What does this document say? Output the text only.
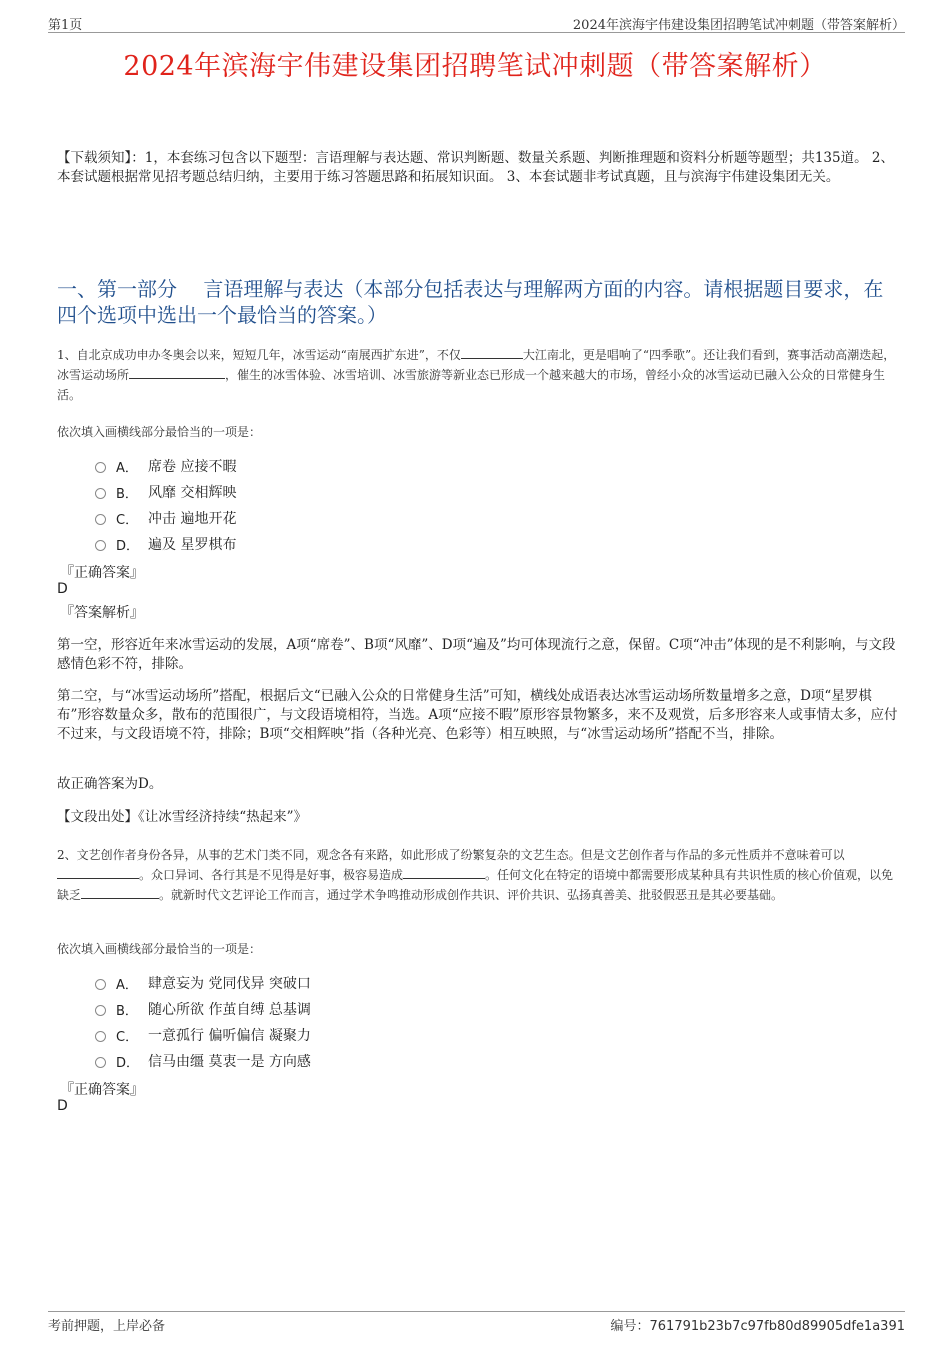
第1页	2024年滨海宇伟建设集团招聘笔试冲刺题（带答案解析）
2024年滨海宇伟建设集团招聘笔试冲刺题（带答案解析）
【下载须知】：1，本套练习包含以下题型：言语理解与表达题、常识判断题、数量关系题、判断推理题和资料分析题等题型；共135道。 2、本套试题根据常见招考题总结归纳，主要用于练习答题思路和拓展知识面。 3、本套试题非考试真题，且与滨海宇伟建设集团无关。
一、第一部分　 言语理解与表达（本部分包括表达与理解两方面的内容。请根据题目要求，在四个选项中选出一个最恰当的答案。）
1、自北京成功申办冬奥会以来，短短几年，冰雪运动“南展西扩东进”，不仅	大江南北，更是唱响了“四季歌”。还让我们看到，赛事活动高潮迭起，冰雪运动场所	，催生的冰雪体验、冰雪培训、冰雪旅游等新业态已形成一个越来越大的市场，曾经小众的冰雪运动已融入公众的日常健身生活。
依次填入画横线部分最恰当的一项是：
A． 席卷 应接不暇
B． 风靡 交相辉映
C． 冲击 遍地开花
D． 遍及 星罗棋布
『正确答案』
D
『答案解析』
第一空，形容近年来冰雪运动的发展，A项“席卷”、B项“风靡”、D项“遍及”均可体现流行之意，保留。C项“冲击”体现的是不利影响，与文段感情色彩不符，排除。
第二空，与“冰雪运动场所”搭配，根据后文“已融入公众的日常健身生活”可知，横线处成语表达冰雪运动场所数量增多之意，D项“星罗棋布”形容数量众多，散布的范围很广，与文段语境相符，当选。A项“应接不暇”原形容景物繁多，来不及观赏，后多形容来人或事情太多，应付不过来，与文段语境不符，排除；B项“交相辉映”指（各种光亮、色彩等）相互映照，与“冰雪运动场所”搭配不当，排除。
故正确答案为D。
【文段出处】《让冰雪经济持续“热起来”》
2、文艺创作者身份各异，从事的艺术门类不同，观念各有来路，如此形成了纷繁复杂的文艺生态。但是文艺创作者与作品的多元性质并不意味着可以。众口异词、各行其是不见得是好事，极容易造成	。任何文化在特定的语境中都需要形成某种具有共识性质的核心价值观，以免缺乏	。就新时代文艺评论工作而言，通过学术争鸣推动形成创作共识、评价共识、弘扬真善美、批驳假恶丑是其必要基础。
依次填入画横线部分最恰当的一项是：
A． 肆意妄为 党同伐异 突破口
B． 随心所欲 作茧自缚 总基调
C． 一意孤行 偏听偏信 凝聚力
D． 信马由缰 莫衷一是 方向感
『正确答案』
D
考前押题，上岸必备	编号：761791b23b7c97fb80d89905dfe1a391
